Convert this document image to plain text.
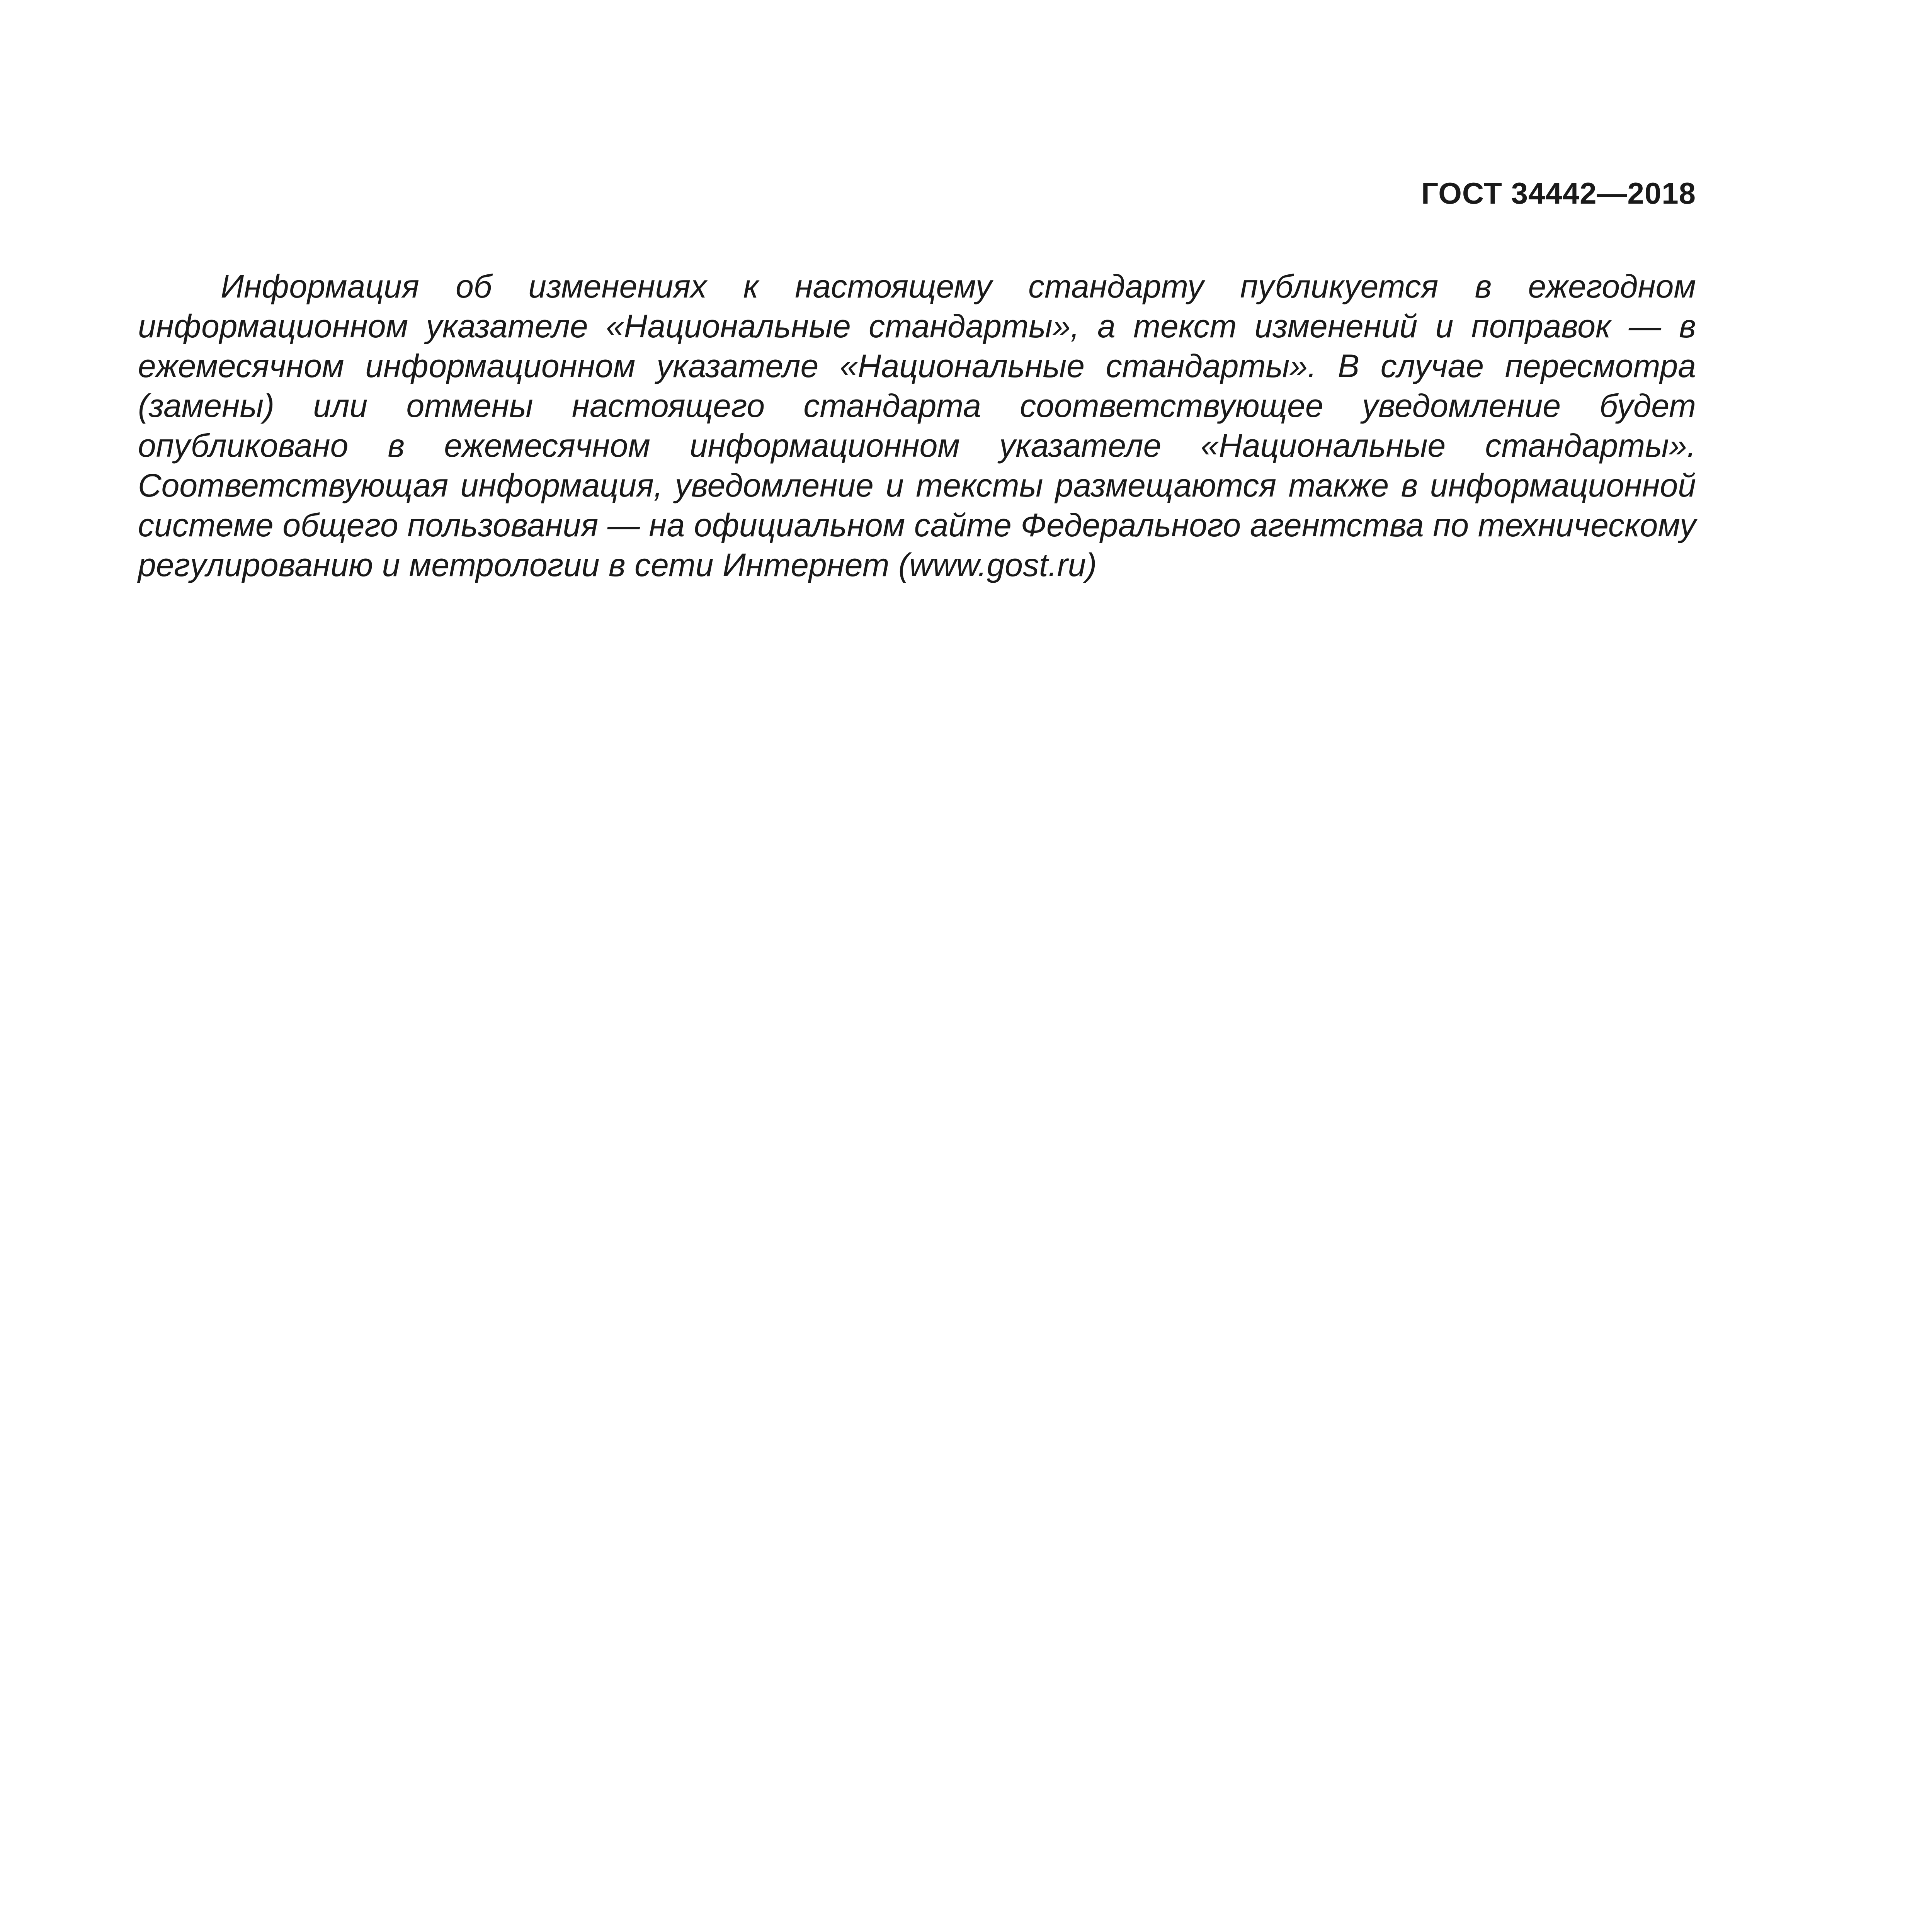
ГОСТ 34442—2018

Информация об изменениях к настоящему стандарту публикуется в ежегодном информационном указателе «Национальные стандарты», а текст изменений и поправок — в ежемесячном информационном указателе «Национальные стандарты». В случае пересмотра (замены) или отмены настоящего стандарта соответствующее уведомление будет опубликовано в ежемесячном информационном указателе «Национальные стандарты». Соответствующая информация, уведомление и тексты размещаются также в информационной системе общего пользования — на официальном сайте Федерального агентства по техническому регулированию и метрологии в сети Интернет (www.gost.ru)
